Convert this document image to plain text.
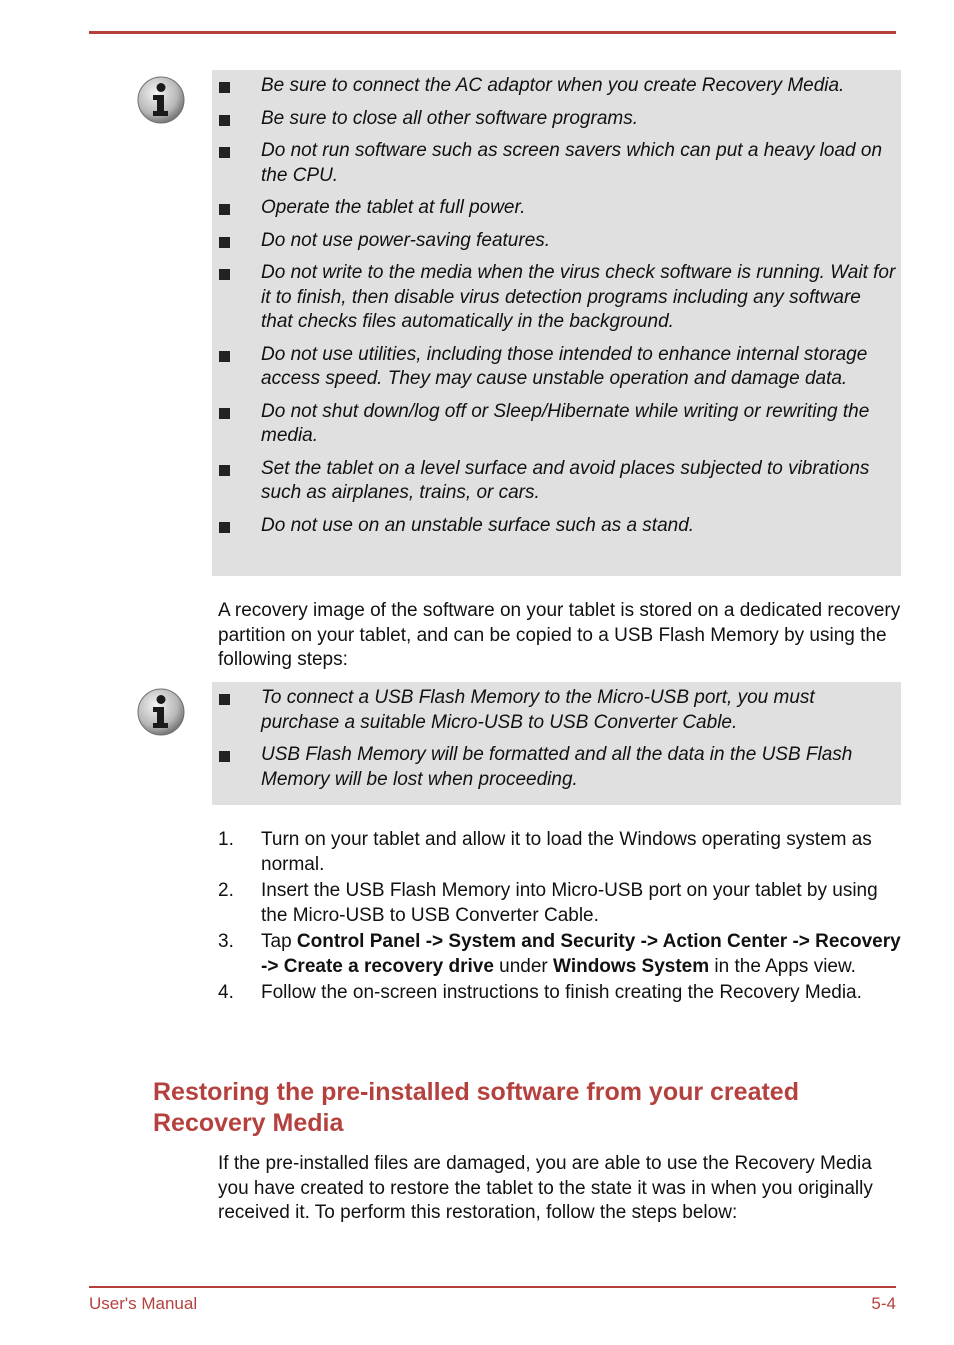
Be sure to connect the AC adaptor when you create Recovery Media.
Be sure to close all other software programs.
Do not run software such as screen savers which can put a heavy load on the CPU.
Operate the tablet at full power.
Do not use power-saving features.
Do not write to the media when the virus check software is running. Wait for it to finish, then disable virus detection programs including any software that checks files automatically in the background.
Do not use utilities, including those intended to enhance internal storage access speed. They may cause unstable operation and damage data.
Do not shut down/log off or Sleep/Hibernate while writing or rewriting the media.
Set the tablet on a level surface and avoid places subjected to vibrations such as airplanes, trains, or cars.
Do not use on an unstable surface such as a stand.
A recovery image of the software on your tablet is stored on a dedicated recovery partition on your tablet, and can be copied to a USB Flash Memory by using the following steps:
To connect a USB Flash Memory to the Micro-USB port, you must purchase a suitable Micro-USB to USB Converter Cable.
USB Flash Memory will be formatted and all the data in the USB Flash Memory will be lost when proceeding.
1. Turn on your tablet and allow it to load the Windows operating system as normal.
2. Insert the USB Flash Memory into Micro-USB port on your tablet by using the Micro-USB to USB Converter Cable.
3. Tap Control Panel -> System and Security -> Action Center -> Recovery -> Create a recovery drive under Windows System in the Apps view.
4. Follow the on-screen instructions to finish creating the Recovery Media.
Restoring the pre-installed software from your created Recovery Media
If the pre-installed files are damaged, you are able to use the Recovery Media you have created to restore the tablet to the state it was in when you originally received it. To perform this restoration, follow the steps below:
User's Manual	5-4
